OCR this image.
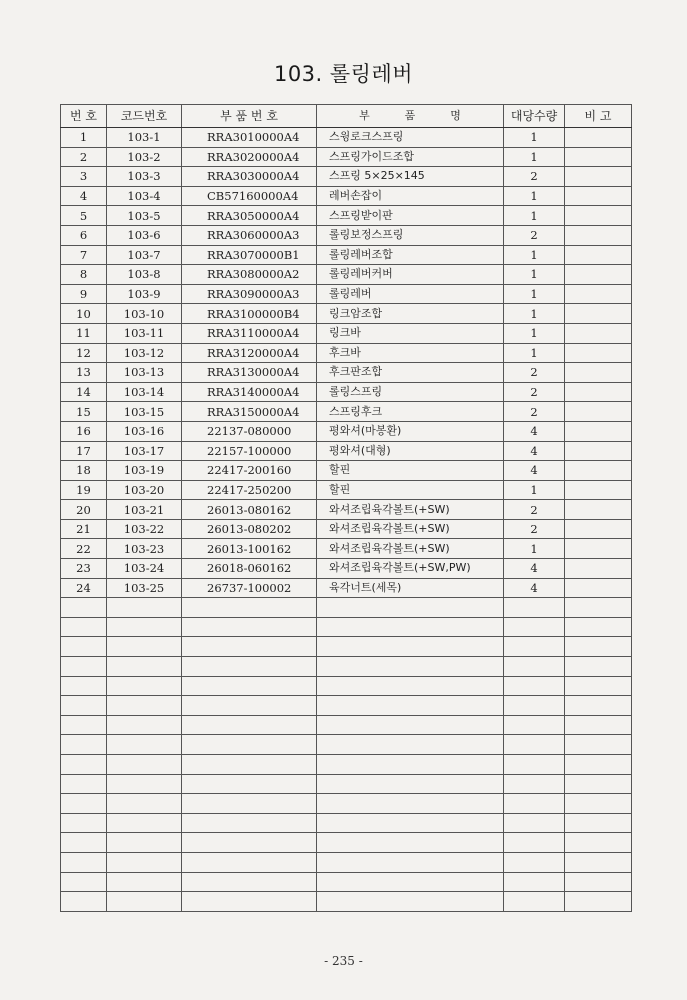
103. 롤링레버
번 호	코드번호	부 품 번 호	부          품          명	대당수량	비 고
1	103-1	RRA3010000A4	스윙로크스프링	1	
2	103-2	RRA3020000A4	스프링가이드조합	1	
3	103-3	RRA3030000A4	스프링 5×25×145	2	
4	103-4	CB57160000A4	레버손잡이	1	
5	103-5	RRA3050000A4	스프링받이판	1	
6	103-6	RRA3060000A3	롤링보정스프링	2	
7	103-7	RRA3070000B1	롤링레버조합	1	
8	103-8	RRA3080000A2	롤링레버커버	1	
9	103-9	RRA3090000A3	롤링레버	1	
10	103-10	RRA3100000B4	링크암조합	1	
11	103-11	RRA3110000A4	링크바	1	
12	103-12	RRA3120000A4	후크바	1	
13	103-13	RRA3130000A4	후크판조합	2	
14	103-14	RRA3140000A4	롤링스프링	2	
15	103-15	RRA3150000A4	스프링후크	2	
16	103-16	22137-080000	평와셔(마봉환)	4	
17	103-17	22157-100000	평와셔(대형)	4	
18	103-19	22417-200160	할핀	4	
19	103-20	22417-250200	할핀	1	
20	103-21	26013-080162	와셔조립육각볼트(+SW)	2	
21	103-22	26013-080202	와셔조립육각볼트(+SW)	2	
22	103-23	26013-100162	와셔조립육각볼트(+SW)	1	
23	103-24	26018-060162	와셔조립육각볼트(+SW,PW)	4	
24	103-25	26737-100002	육각너트(세목)	4	

- 235 -
